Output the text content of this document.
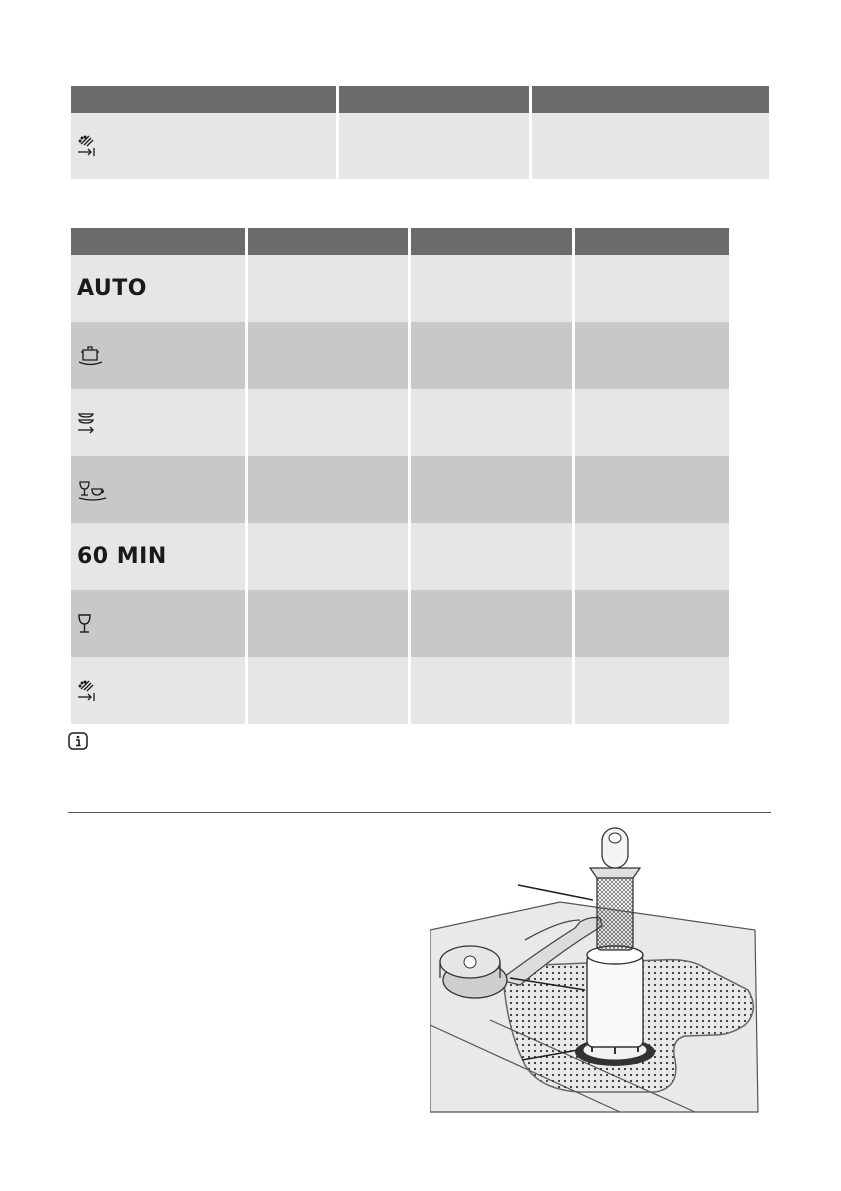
AUTO			

60 MIN			
